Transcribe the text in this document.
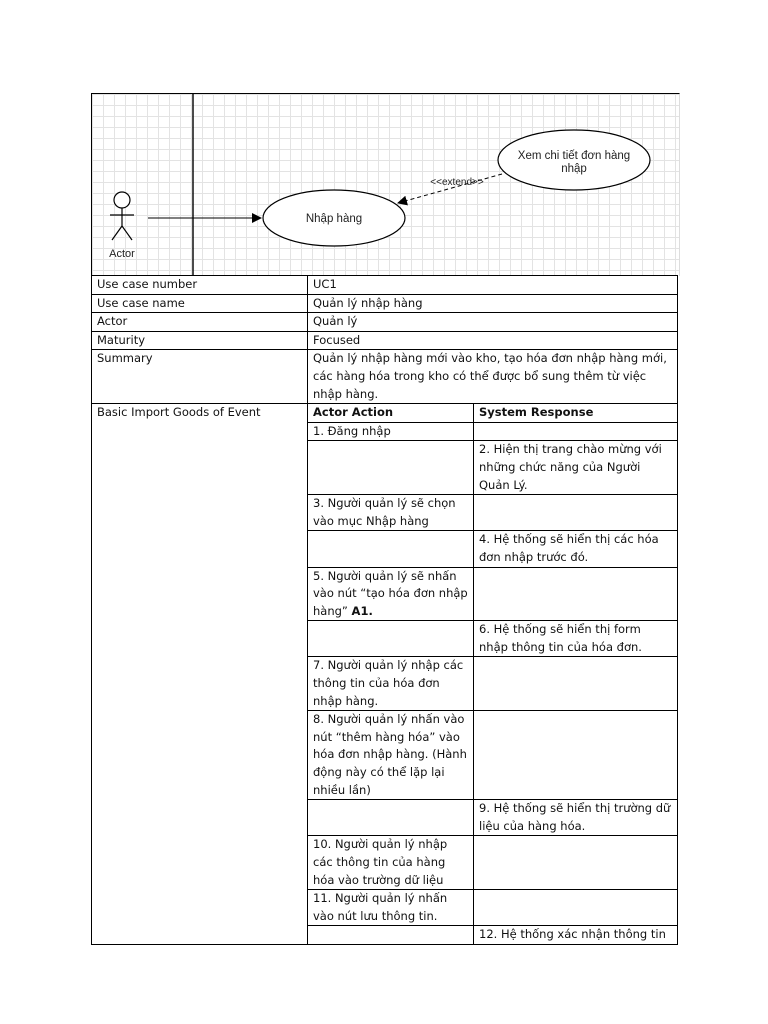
Actor
Nhập hàng
Xem chi tiết đơn hàng
nhập
<<extend>>
Use case number	UC1	
Use case name	Quản lý nhập hàng	
Actor	Quản lý	
Maturity	Focused	
Summary	Quản lý nhập hàng mới vào kho, tạo hóa đơn nhập hàng mới, các hàng hóa trong kho có thể được bổ sung thêm từ việc nhập hàng.	
Basic Import Goods of Event	Actor Action	System Response
	1. Đăng nhập	
		2. Hiện thị trang chào mừng với những chức năng của Người Quản Lý.
	3. Người quản lý sẽ chọn vào mục Nhập hàng	
		4. Hệ thống sẽ hiển thị các hóa đơn nhập trước đó.
	5. Người quản lý sẽ nhấn vào nút “tạo hóa đơn nhập hàng” A1.	
		6. Hệ thống sẽ hiển thị form nhập thông tin của hóa đơn.
	7. Người quản lý nhập các thông tin của hóa đơn nhập hàng.	
	8. Người quản lý nhấn vào nút “thêm hàng hóa” vào hóa đơn nhập hàng. (Hành động này có thể lặp lại nhiều lần)	
		9. Hệ thống sẽ hiển thị trường dữ liệu của hàng hóa.
	10. Người quản lý nhập các thông tin của hàng hóa vào trường dữ liệu	
	11. Người quản lý nhấn vào nút lưu thông tin.	
		12. Hệ thống xác nhận thông tin
